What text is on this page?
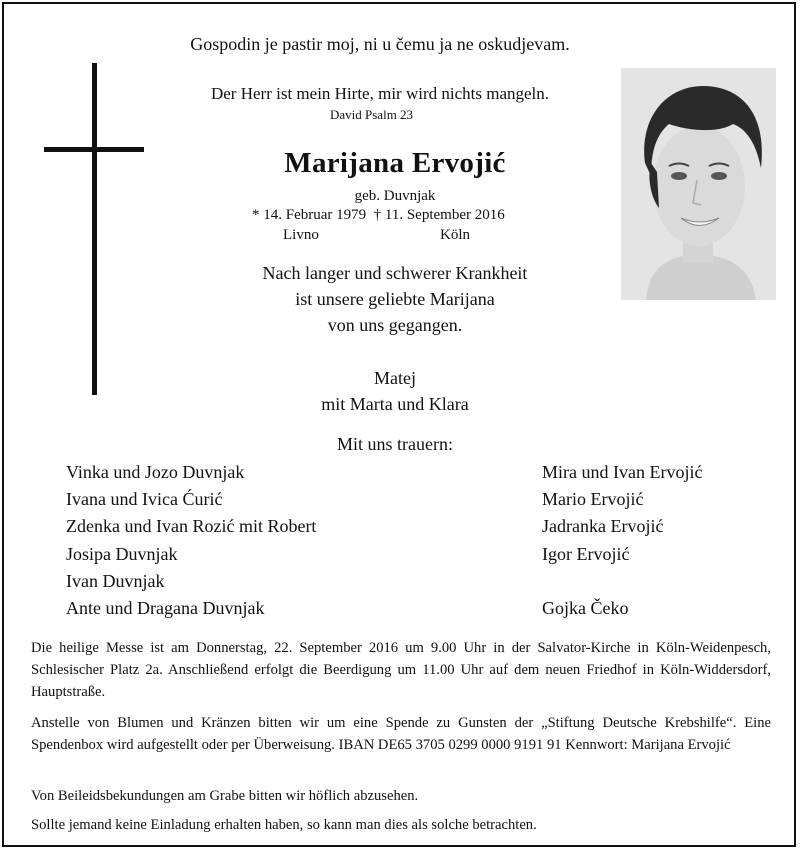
Gospodin je pastir moj, ni u čemu ja ne oskudjevam.
Der Herr ist mein Hirte, mir wird nichts mangeln.
David Psalm 23
Marijana Ervojić
geb. Duvnjak
* 14. Februar 1979  † 11. September 2016
Livno	Köln
Nach langer und schwerer Krankheit
ist unsere geliebte Marijana
von uns gegangen.
Matej
mit Marta und Klara
Mit uns trauern:
Vinka und Jozo Duvnjak
Ivana und Ivica Ćurić
Zdenka und Ivan Rozić mit Robert
Josipa Duvnjak
Ivan Duvnjak
Ante und Dragana Duvnjak
Mira und Ivan Ervojić
Mario Ervojić
Jadranka Ervojić
Igor Ervojić
Gojka Čeko
Die heilige Messe ist am Donnerstag, 22. September 2016 um 9.00 Uhr in der Salvator-Kirche in Köln-Weidenpesch, Schlesischer Platz 2a. Anschließend erfolgt die Beerdigung um 11.00 Uhr auf dem neuen Friedhof in Köln-Widdersdorf, Hauptstraße.
Anstelle von Blumen und Kränzen bitten wir um eine Spende zu Gunsten der „Stiftung Deutsche Krebshilfe“. Eine Spendenbox wird aufgestellt oder per Überweisung. IBAN DE65 3705 0299 0000 9191 91 Kennwort: Marijana Ervojić
Von Beileidsbekundungen am Grabe bitten wir höflich abzusehen.
Sollte jemand keine Einladung erhalten haben, so kann man dies als solche betrachten.
